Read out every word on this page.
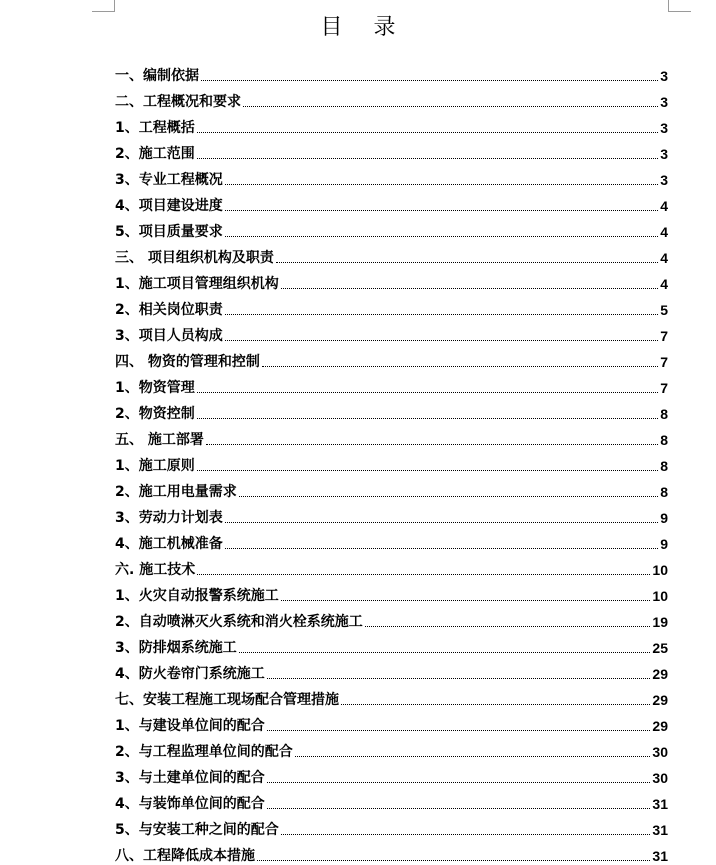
目 录
一、编制依据	3
二、工程概况和要求	3
1、工程概括	3
2、施工范围	3
3、专业工程概况	3
4、项目建设进度	4
5、项目质量要求	4
三、 项目组织机构及职责	4
1、施工项目管理组织机构	4
2、相关岗位职责	5
3、项目人员构成	7
四、 物资的管理和控制	7
1、物资管理	7
2、物资控制	8
五、 施工部署	8
1、施工原则	8
2、施工用电量需求	8
3、劳动力计划表	9
4、施工机械准备	9
六. 施工技术	10
1、火灾自动报警系统施工	10
2、自动喷淋灭火系统和消火栓系统施工	19
3、防排烟系统施工	25
4、防火卷帘门系统施工	29
七、安装工程施工现场配合管理措施	29
1、与建设单位间的配合	29
2、与工程监理单位间的配合	30
3、与土建单位间的配合	30
4、与装饰单位间的配合	31
5、与安装工种之间的配合	31
八、工程降低成本措施	31
